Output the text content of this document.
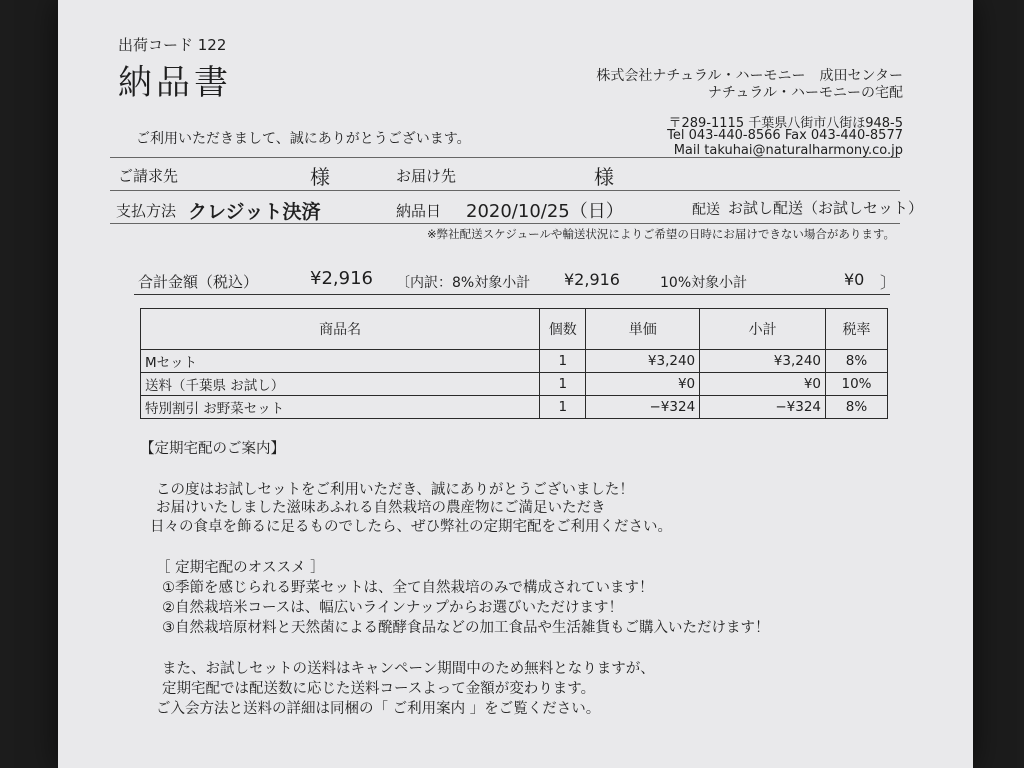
出荷コード 122
納品書	株式会社ナチュラル・ハーモニー　成田センター
ナチュラル・ハーモニーの宅配
〒289-1115 千葉県八街市八街ほ948-5
Tel 043-440-8566 Fax 043-440-8577
Mail takuhai@naturalharmony.co.jp
ご利用いただきまして、誠にありがとうございます。
ご請求先	様	お届け先	様
支払方法 クレジット決済	納品日 2020/10/25（日）	配送 お試し配送（お試しセット）
※弊社配送スケジュールや輸送状況によりご希望の日時にお届けできない場合があります。
合計金額（税込）	¥2,916 〔内訳：8%対象小計 ¥2,916	10%対象小計	¥0 〕
商品名	個数	単価	小計	税率
Mセット	1	¥3,240	¥3,240	8%
送料（千葉県 お試し）	1	¥0	¥0	10%
特別割引 お野菜セット	1	−¥324	−¥324	8%
【定期宅配のご案内】
この度はお試しセットをご利用いただき、誠にありがとうございました！
お届けいたしました滋味あふれる自然栽培の農産物にご満足いただき
日々の食卓を飾るに足るものでしたら、ぜひ弊社の定期宅配をご利用ください。
［ 定期宅配のオススメ ］
①季節を感じられる野菜セットは、全て自然栽培のみで構成されています！
②自然栽培米コースは、幅広いラインナップからお選びいただけます！
③自然栽培原材料と天然菌による醗酵食品などの加工食品や生活雑貨もご購入いただけます！
また、お試しセットの送料はキャンペーン期間中のため無料となりますが、
定期宅配では配送数に応じた送料コースよって金額が変わります。
ご入会方法と送料の詳細は同梱の「 ご利用案内 」をご覧ください。
